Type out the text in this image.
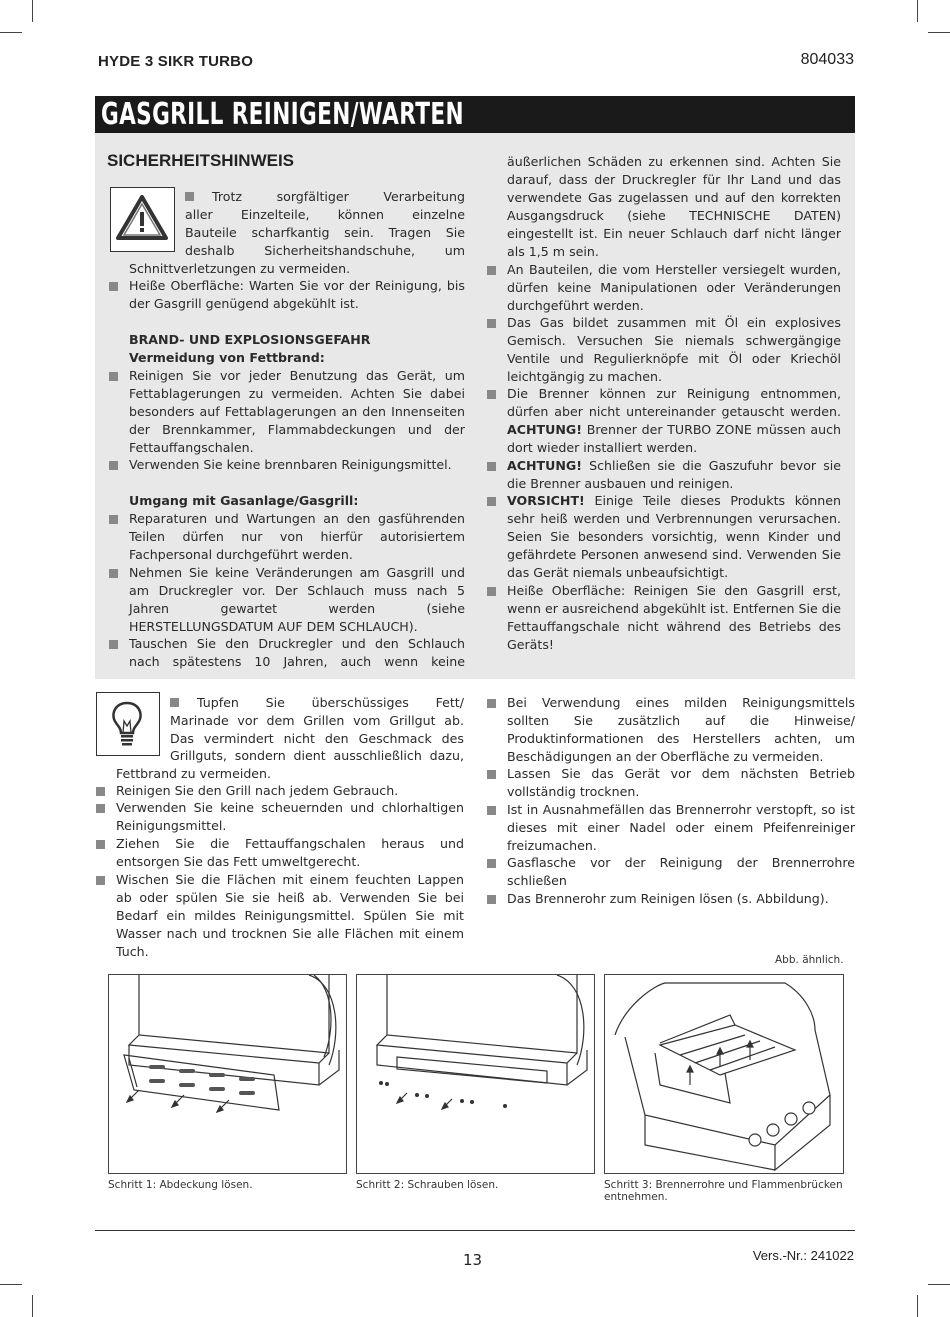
HYDE 3 SIKR TURBO	804033
GASGRILL REINIGEN/WARTEN
SICHERHEITSHINWEIS

Trotz sorgfältiger Verarbeitung

aller Einzelteile, können einzelne

Bauteile scharfkantig sein. Tragen Sie

deshalb Sicherheitshandschuhe, um

Schnittverletzungen zu vermeiden.

Heiße Oberfläche: Warten Sie vor der Reinigung, bis der Gasgrill genügend abgekühlt ist.

BRAND- UND EXPLOSIONSGEFAHR

Vermeidung von Fettbrand:

Reinigen Sie vor jeder Benutzung das Gerät, um Fettablagerungen zu vermeiden. Achten Sie dabei besonders auf Fettablagerungen an den Innenseiten der Brennkammer, Flammabdeckungen und der Fettauffangschalen.

Verwenden Sie keine brennbaren Reinigungsmittel.

Umgang mit Gasanlage/Gasgrill:

Reparaturen und Wartungen an den gasführenden Teilen dürfen nur von hierfür autorisiertem Fachpersonal durchgeführt werden.

Nehmen Sie keine Veränderungen am Gasgrill und am Druckregler vor. Der Schlauch muss nach 5 Jahren gewartet werden (siehe HERSTELLUNGSDATUM AUF DEM SCHLAUCH).

Tauschen Sie den Druckregler und den Schlauch nach spätestens 10 Jahren, auch wenn keine

äußerlichen Schäden zu erkennen sind. Achten Sie darauf, dass der Druckregler für Ihr Land und das verwendete Gas zugelassen und auf den korrekten Ausgangsdruck (siehe TECHNISCHE DATEN) eingestellt ist. Ein neuer Schlauch darf nicht länger als 1,5 m sein.

An Bauteilen, die vom Hersteller versiegelt wurden, dürfen keine Manipulationen oder Veränderungen durchgeführt werden.

Das Gas bildet zusammen mit Öl ein explosives Gemisch. Versuchen Sie niemals schwergängige Ventile und Regulierknöpfe mit Öl oder Kriechöl leichtgängig zu machen.

Die Brenner können zur Reinigung entnommen, dürfen aber nicht untereinander getauscht werden. ACHTUNG! Brenner der TURBO ZONE müssen auch dort wieder installiert werden.

ACHTUNG! Schließen sie die Gaszufuhr bevor sie die Brenner ausbauen und reinigen.

VORSICHT! Einige Teile dieses Produkts können sehr heiß werden und Verbrennungen verursachen. Seien Sie besonders vorsichtig, wenn Kinder und gefährdete Personen anwesend sind. Verwenden Sie das Gerät niemals unbeaufsichtigt.

Heiße Oberfläche: Reinigen Sie den Gasgrill erst, wenn er ausreichend abgekühlt ist. Entfernen Sie die Fettauffangschale nicht während des Betriebs des Geräts!

Tupfen Sie überschüssiges Fett/

Marinade vor dem Grillen vom Grillgut ab.

Das vermindert nicht den Geschmack des

Grillguts, sondern dient ausschließlich dazu,

Fettbrand zu vermeiden.

Reinigen Sie den Grill nach jedem Gebrauch.

Verwenden Sie keine scheuernden und chlorhaltigen Reinigungsmittel.

Ziehen Sie die Fettauffangschalen heraus und entsorgen Sie das Fett umweltgerecht.

Wischen Sie die Flächen mit einem feuchten Lappen ab oder spülen Sie sie heiß ab. Verwenden Sie bei Bedarf ein mildes Reinigungsmittel. Spülen Sie mit Wasser nach und trocknen Sie alle Flächen mit einem Tuch.

Bei Verwendung eines milden Reinigungsmittels sollten Sie zusätzlich auf die Hinweise/ Produktinformationen des Herstellers achten, um Beschädigungen an der Oberfläche zu vermeiden.

Lassen Sie das Gerät vor dem nächsten Betrieb vollständig trocknen.

Ist in Ausnahmefällen das Brennerrohr verstopft, so ist dieses mit einer Nadel oder einem Pfeifenreiniger freizumachen.

Gasflasche vor der Reinigung der Brennerrohre schließen

Das Brennerohr zum Reinigen lösen (s. Abbildung).

Abb. ähnlich.
Schritt 1: Abdeckung lösen.	Schritt 2: Schrauben lösen.	Schritt 3: Brennerrohre und Flammenbrücken entnehmen.
13	Vers.-Nr.: 241022
